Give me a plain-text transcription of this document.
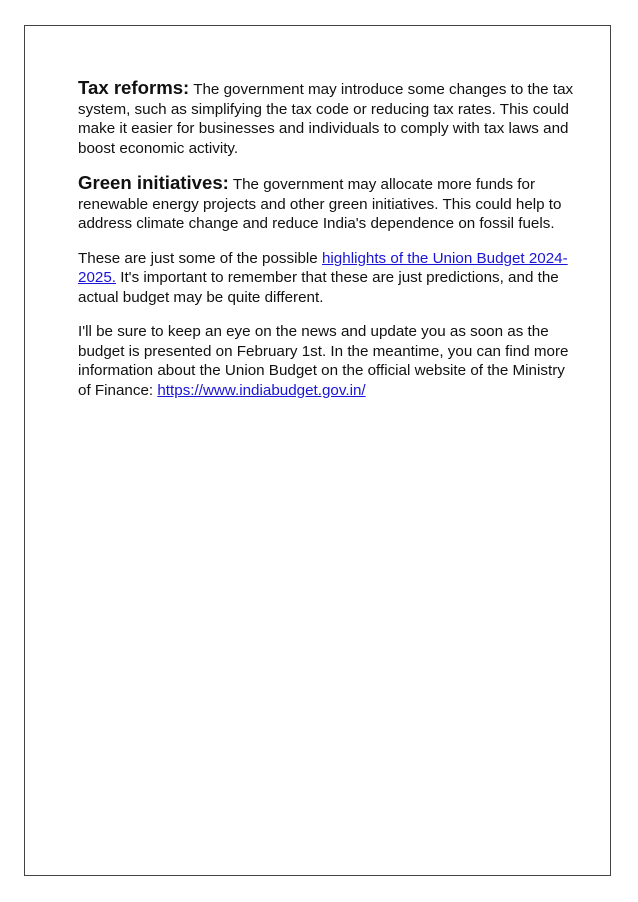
Tax reforms: The government may introduce some changes to the tax system, such as simplifying the tax code or reducing tax rates. This could make it easier for businesses and individuals to comply with tax laws and boost economic activity.

Green initiatives: The government may allocate more funds for renewable energy projects and other green initiatives. This could help to address climate change and reduce India's dependence on fossil fuels.

These are just some of the possible highlights of the Union Budget 2024-2025. It's important to remember that these are just predictions, and the actual budget may be quite different.

I'll be sure to keep an eye on the news and update you as soon as the budget is presented on February 1st. In the meantime, you can find more information about the Union Budget on the official website of the Ministry of Finance: https://www.indiabudget.gov.in/
